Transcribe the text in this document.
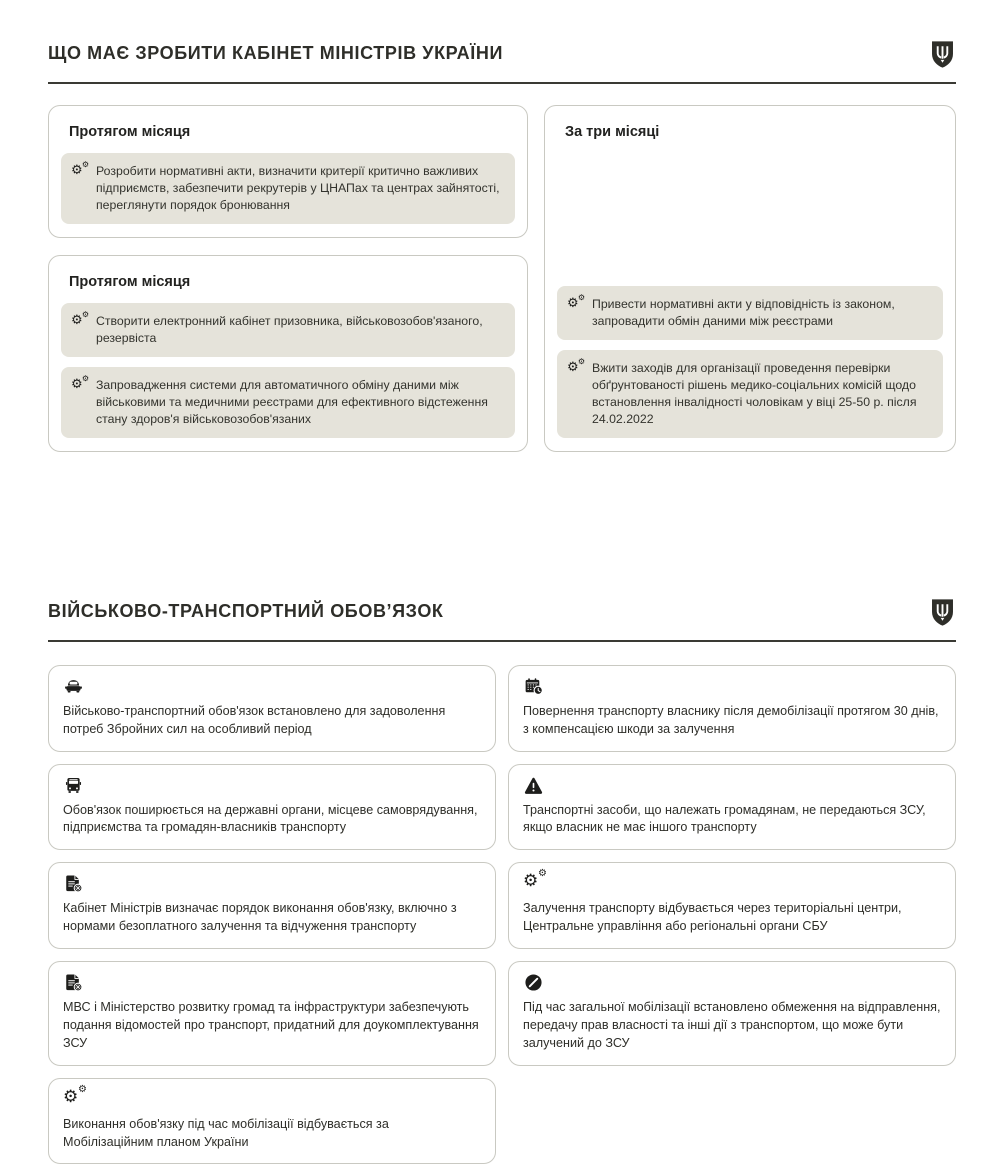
ЩО МАЄ ЗРОБИТИ КАБІНЕТ МІНІСТРІВ УКРАЇНИ
Протягом місяця
⚙ ⚙

Розробити нормативні акти, визначити критерії критично важливих підприємств, забезпечити рекрутерів у ЦНАПах та центрах зайнятості, переглянути порядок бронювання

Протягом місяця
⚙ ⚙

Створити електронний кабінет призовника, військовозобов'язаного, резервіста

⚙ ⚙

Запровадження системи для автоматичного обміну даними між військовими та медичними реєстрами для ефективного відстеження стану здоров'я військовозобов'язаних

За три місяці
⚙ ⚙

Привести нормативні акти у відповідність із законом, запровадити обмін даними між реєстрами

⚙ ⚙

Вжити заходів для організації проведення перевірки обґрунтованості рішень медико-соціальних комісій щодо встановлення інвалідності чоловікам у віці 25-50 р. після 24.02.2022

ВІЙСЬКОВО-ТРАНСПОРТНИЙ ОБОВ’ЯЗОК

Військово-транспортний обов'язок встановлено для задоволення потреб Збройних сил на особливий період

Повернення транспорту власнику після демобілізації протягом 30 днів, з компенсацією шкоди за залучення

Обов'язок поширюється на державні органи, місцеве самоврядування, підприємства та громадян-власників транспорту

Транспортні засоби, що належать громадянам, не передаються ЗСУ, якщо власник не має іншого транспорту

Кабінет Міністрів визначає порядок виконання обов'язку, включно з нормами безоплатного залучення та відчуження транспорту

⚙ ⚙

Залучення транспорту відбувається через територіальні центри, Центральне управління або регіональні органи СБУ

МВС і Міністерство розвитку громад та інфраструктури забезпечують подання відомостей про транспорт, придатний для доукомплектування ЗСУ

Під час загальної мобілізації встановлено обмеження на відправлення, передачу прав власності та інші дії з транспортом, що може бути залучений до ЗСУ

⚙ ⚙

Виконання обов'язку під час мобілізації відбувається за Мобілізаційним планом України
